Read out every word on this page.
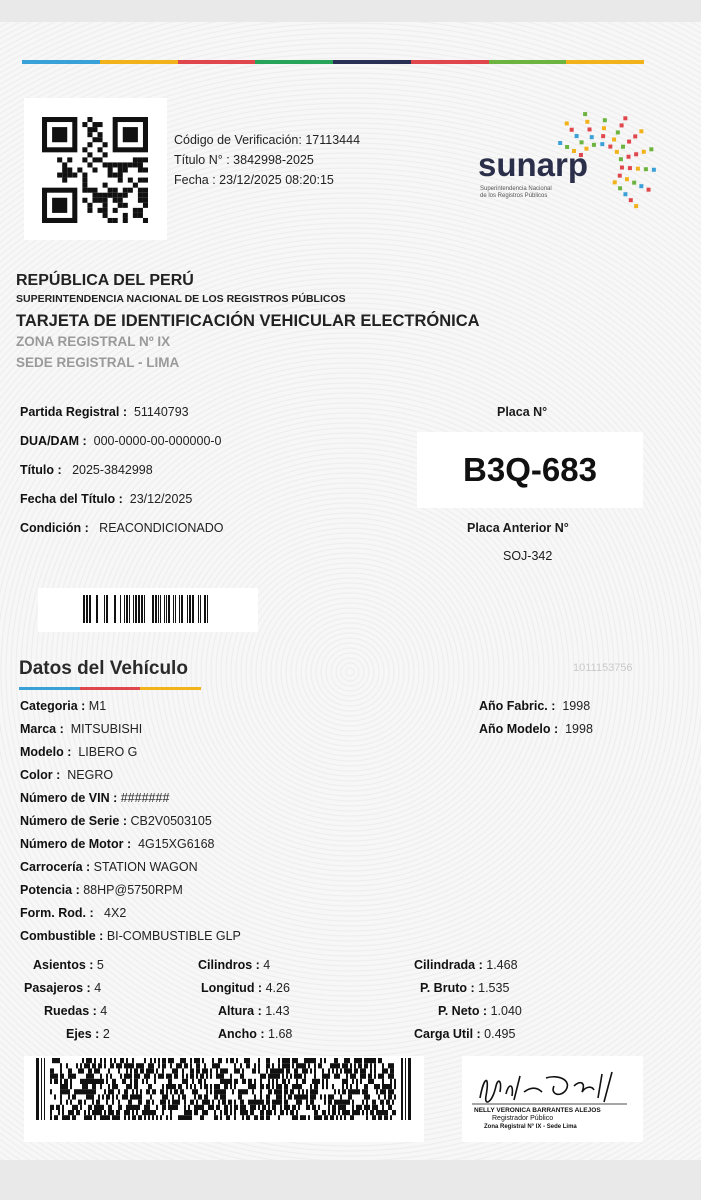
Código de Verificación: 17113444
Título N° : 3842998-2025
Fecha : 23/12/2025 08:20:15	sunarp
Superintendencia Nacional
de los Registros Públicos
REPÚBLICA DEL PERÚ
SUPERINTENDENCIA NACIONAL DE LOS REGISTROS PÚBLICOS
TARJETA DE IDENTIFICACIÓN VEHICULAR ELECTRÓNICA
ZONA REGISTRAL Nº IX
SEDE REGISTRAL - LIMA
Partida Registral : 51140793
DUA/DAM : 000-0000-00-000000-0
Título : 2025-3842998
Fecha del Título : 23/12/2025
Condición : REACONDICIONADO
Placa N°
B3Q-683
Placa Anterior N°
SOJ-342
Datos del Vehículo	1011153756
Categoria : M1
Marca : MITSUBISHI
Modelo : LIBERO G
Color : NEGRO
Número de VIN : #######
Número de Serie : CB2V0503105
Número de Motor : 4G15XG6168
Carrocería : STATION WAGON
Potencia : 88HP@5750RPM
Form. Rod. : 4X2
Combustible : BI-COMBUSTIBLE GLP
Año Fabric. : 1998
Año Modelo : 1998
Asientos : 5
Pasajeros : 4
Ruedas : 4
Ejes : 2
Cilindros : 4
Longitud : 4.26
Altura : 1.43
Ancho : 1.68
Cilindrada : 1.468
P. Bruto : 1.535
P. Neto : 1.040
Carga Util : 0.495
NELLY VERONICA BARRANTES ALEJOS
Registrador Público
Zona Registral N° IX - Sede Lima
